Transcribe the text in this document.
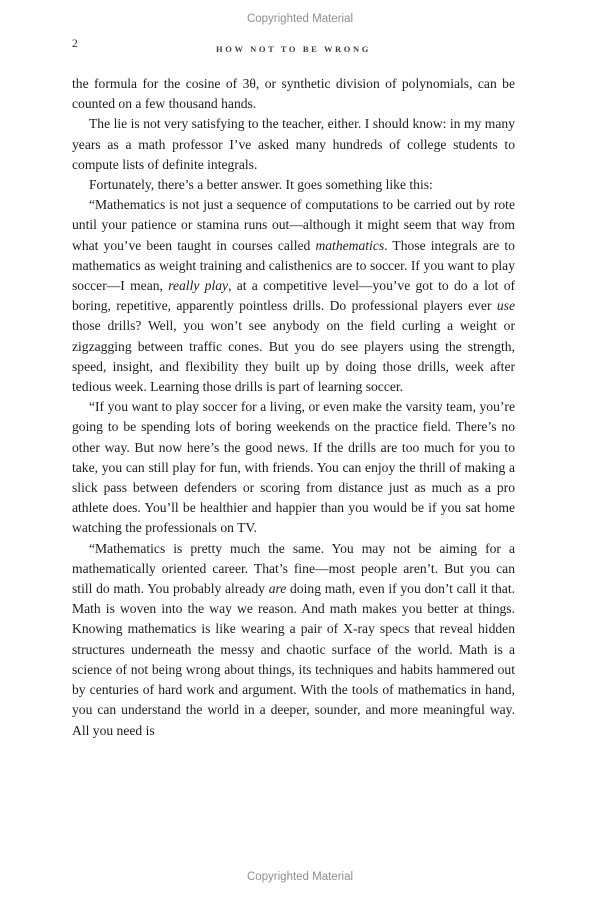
Copyrighted Material
2	HOW NOT TO BE WRONG

the formula for the cosine of 3θ, or synthetic division of polynomials, can be counted on a few thousand hands.

The lie is not very satisfying to the teacher, either. I should know: in my many years as a math professor I’ve asked many hundreds of college students to compute lists of definite integrals.

Fortunately, there’s a better answer. It goes something like this:

“Mathematics is not just a sequence of computations to be carried out by rote until your patience or stamina runs out—although it might seem that way from what you’ve been taught in courses called mathematics. Those integrals are to mathematics as weight training and calisthenics are to soccer. If you want to play soccer—I mean, really play, at a competitive level—you’ve got to do a lot of boring, repetitive, apparently pointless drills. Do professional players ever use those drills? Well, you won’t see anybody on the field curling a weight or zigzagging between traffic cones. But you do see players using the strength, speed, insight, and flexibility they built up by doing those drills, week after tedious week. Learning those drills is part of learning soccer.

“If you want to play soccer for a living, or even make the varsity team, you’re going to be spending lots of boring weekends on the practice field. There’s no other way. But now here’s the good news. If the drills are too much for you to take, you can still play for fun, with friends. You can enjoy the thrill of making a slick pass between defenders or scoring from distance just as much as a pro athlete does. You’ll be healthier and happier than you would be if you sat home watching the professionals on TV.

“Mathematics is pretty much the same. You may not be aiming for a mathematically oriented career. That’s fine—most people aren’t. But you can still do math. You probably already are doing math, even if you don’t call it that. Math is woven into the way we reason. And math makes you better at things. Knowing mathematics is like wearing a pair of X-ray specs that reveal hidden structures underneath the messy and chaotic surface of the world. Math is a science of not being wrong about things, its techniques and habits hammered out by centuries of hard work and argument. With the tools of mathematics in hand, you can understand the world in a deeper, sounder, and more meaningful way. All you need is

Copyrighted Material
